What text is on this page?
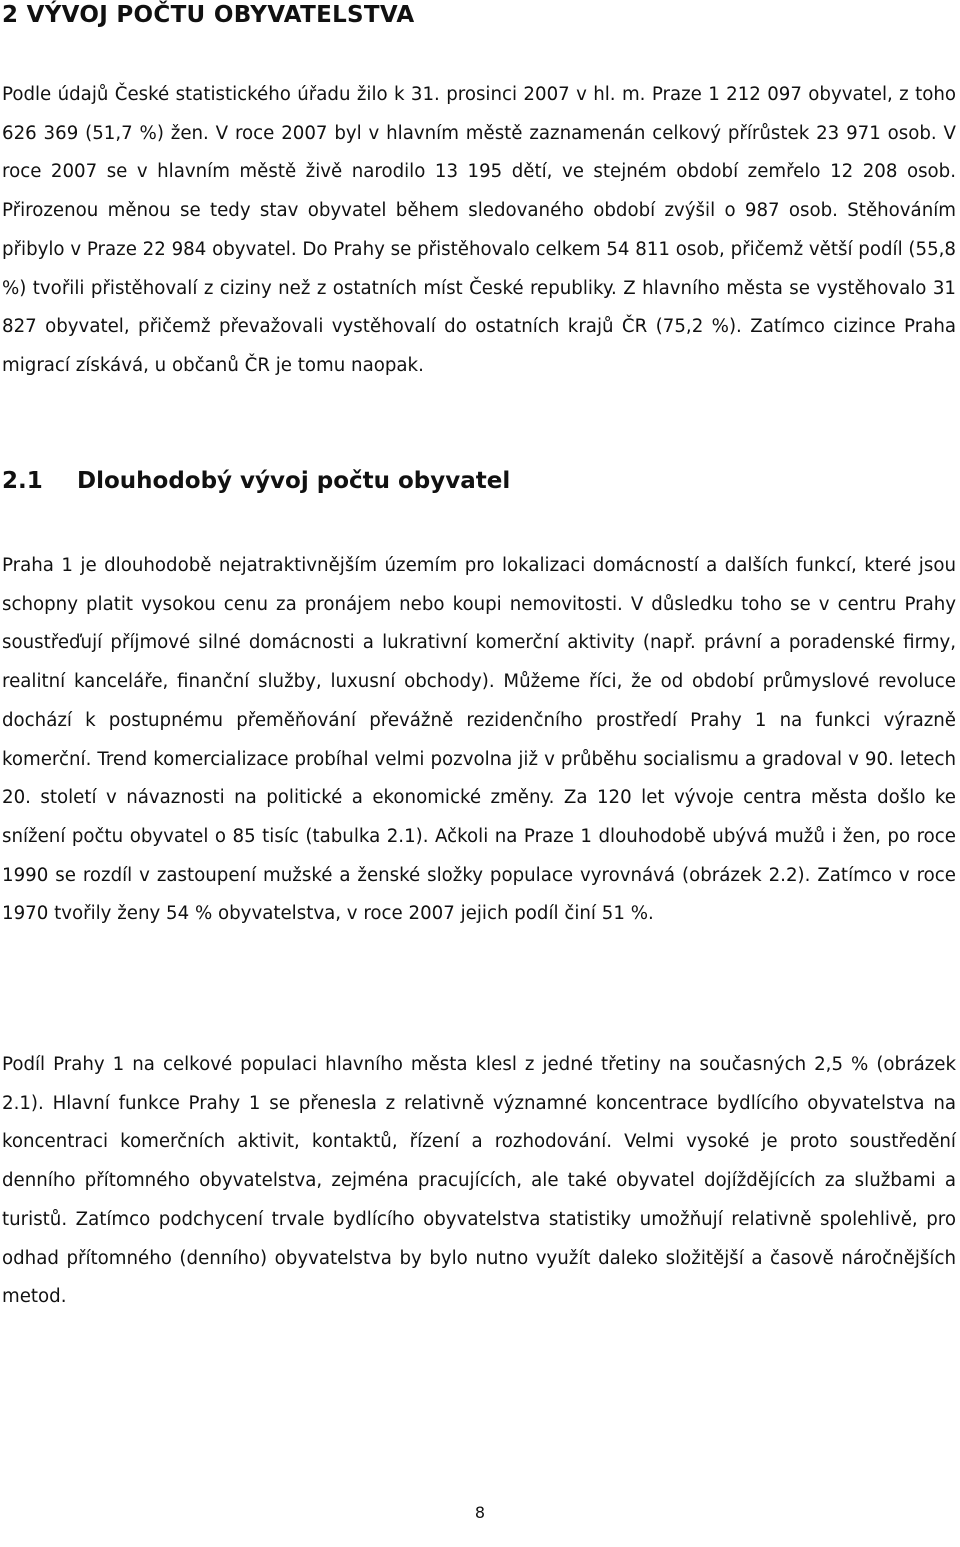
2 VÝVOJ POČTU OBYVATELSTVA

Podle údajů České statistického úřadu žilo k 31. prosinci 2007 v hl. m. Praze 1 212 097 obyvatel, z toho 626 369 (51,7 %) žen. V roce 2007 byl v hlavním městě zaznamenán celkový přírůstek 23 971 osob. V roce 2007 se v hlavním městě živě narodilo 13 195 dětí, ve stejném období zemřelo 12 208 osob. Přirozenou měnou se tedy stav obyvatel během sledovaného období zvýšil o 987 osob. Stěhováním přibylo v Praze 22 984 obyvatel. Do Prahy se přistěhovalo celkem 54 811 osob, přičemž větší podíl (55,8 %) tvořili přistěhovalí z ciziny než z ostatních míst České republiky. Z hlavního města se vystěhovalo 31 827 obyvatel, přičemž převažovali vystěhovalí do ostatních krajů ČR (75,2 %). Zatímco cizince Praha migrací získává, u občanů ČR je tomu naopak.

2.1	Dlouhodobý vývoj počtu obyvatel

Praha 1 je dlouhodobě nejatraktivnějším územím pro lokalizaci domácností a dalších funkcí, které jsou schopny platit vysokou cenu za pronájem nebo koupi nemovitosti. V důsledku toho se v centru Prahy soustřeďují příjmové silné domácnosti a lukrativní komerční aktivity (např. právní a poradenské firmy, realitní kanceláře, finanční služby, luxusní obchody). Můžeme říci, že od období průmyslové revoluce dochází k postupnému přeměňování převážně rezidenčního prostředí Prahy 1 na funkci výrazně komerční. Trend komercializace probíhal velmi pozvolna již v průběhu socialismu a gradoval v 90. letech 20. století v návaznosti na politické a ekonomické změny. Za 120 let vývoje centra města došlo ke snížení počtu obyvatel o 85 tisíc (tabulka 2.1). Ačkoli na Praze 1 dlouhodobě ubývá mužů i žen, po roce 1990 se rozdíl v zastoupení mužské a ženské složky populace vyrovnává (obrázek 2.2). Zatímco v roce 1970 tvořily ženy 54 % obyvatelstva, v roce 2007 jejich podíl činí 51 %.

Podíl Prahy 1 na celkové populaci hlavního města klesl z jedné třetiny na současných 2,5 % (obrázek 2.1). Hlavní funkce Prahy 1 se přenesla z relativně významné koncentrace bydlícího obyvatelstva na koncentraci komerčních aktivit, kontaktů, řízení a rozhodování. Velmi vysoké je proto soustředění denního přítomného obyvatelstva, zejména pracujících, ale také obyvatel dojíždějících za službami a turistů. Zatímco podchycení trvale bydlícího obyvatelstva statistiky umožňují relativně spolehlivě, pro odhad přítomného (denního) obyvatelstva by bylo nutno využít daleko složitější a časově náročnějších metod.

8
